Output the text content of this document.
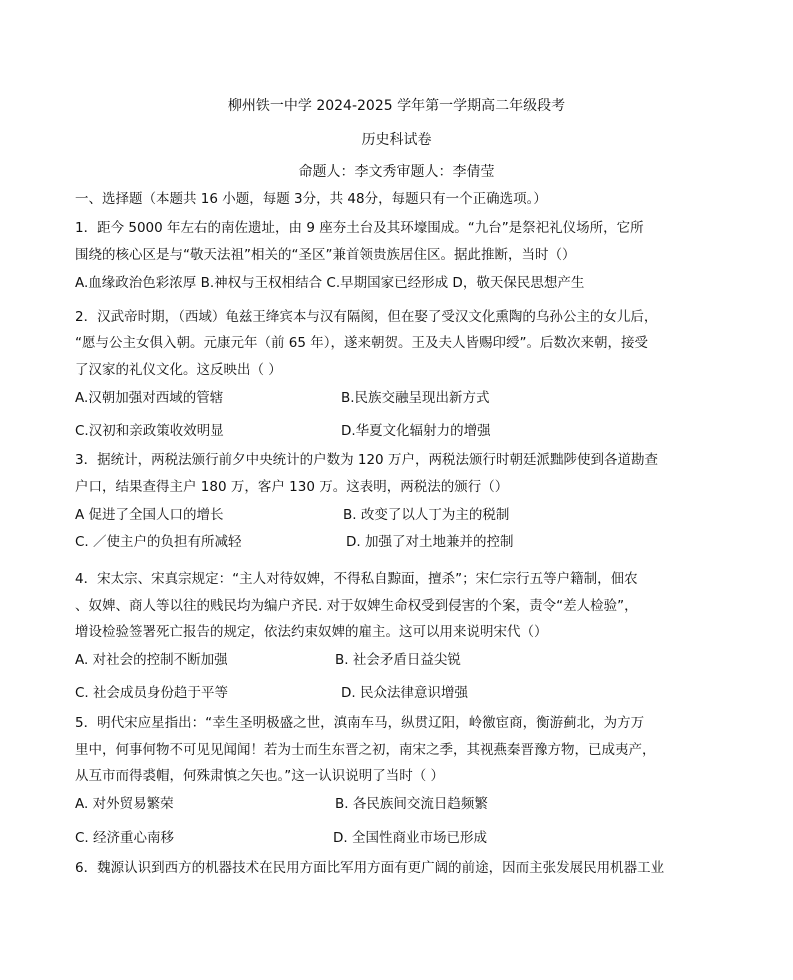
柳州铁一中学 2024-2025 学年第一学期高二年级段考
历史科试卷
命题人：李文秀审题人：李倩莹
一、选择题（本题共 16 小题，每题 3分，共 48分，每题只有一个正确选项。）
1．距今 5000 年左右的南佐遗址，由 9 座夯土台及其环壕围成。“九台”是祭祀礼仪场所，它所
围绕的核心区是与“敬天法祖”相关的“圣区”兼首领贵族居住区。据此推断，当时（）
A.血缘政治色彩浓厚 B.神权与王权相结合 C.早期国家已经形成 D，敬天保民思想产生
2．汉武帝时期，（西域）龟兹王绛宾本与汉有隔阂，但在娶了受汉文化熏陶的乌孙公主的女儿后，
“愿与公主女俱入朝。元康元年（前 65 年），遂来朝贺。王及夫人皆赐印绶”。后数次来朝，接受
了汉家的礼仪文化。这反映出（ ）
A.汉朝加强对西域的管辖	B.民族交融呈现出新方式
C.汉初和亲政策收效明显	D.华夏文化辐射力的增强
3．据统计，两税法颁行前夕中央统计的户数为 120 万户，两税法颁行时朝廷派黜陟使到各道勘查
户口，结果查得主户 180 万，客户 130 万。这表明，两税法的颁行（）
A 促进了全国人口的增长	B. 改变了以人丁为主的税制
C. ／使主户的负担有所减轻	D. 加强了对土地兼并的控制
4．宋太宗、宋真宗规定：“主人对待奴婢，不得私自黥面，擅杀”；宋仁宗行五等户籍制，佃农
、奴婢、商人等以往的贱民均为编户齐民. 对于奴婢生命权受到侵害的个案，责令“差人检验”，
增设检验签署死亡报告的规定，依法约束奴婢的雇主。这可以用来说明宋代（）
A. 对社会的控制不断加强	B. 社会矛盾日益尖锐
C. 社会成员身份趋于平等	D. 民众法律意识增强
5．明代宋应星指出：“幸生圣明极盛之世，滇南车马，纵贯辽阳，岭徼宦商，衡游蓟北，为方万
里中，何事何物不可见见闻闻！若为士而生东晋之初，南宋之季，其视燕秦晋豫方物，已成夷产，
从互市而得裘帽，何殊肃慎之矢也。”这一认识说明了当时（ ）
A. 对外贸易繁荣	B. 各民族间交流日趋频繁
C. 经济重心南移	D. 全国性商业市场已形成
6．魏源认识到西方的机器技术在民用方面比军用方面有更广阔的前途，因而主张发展民用机器工业
